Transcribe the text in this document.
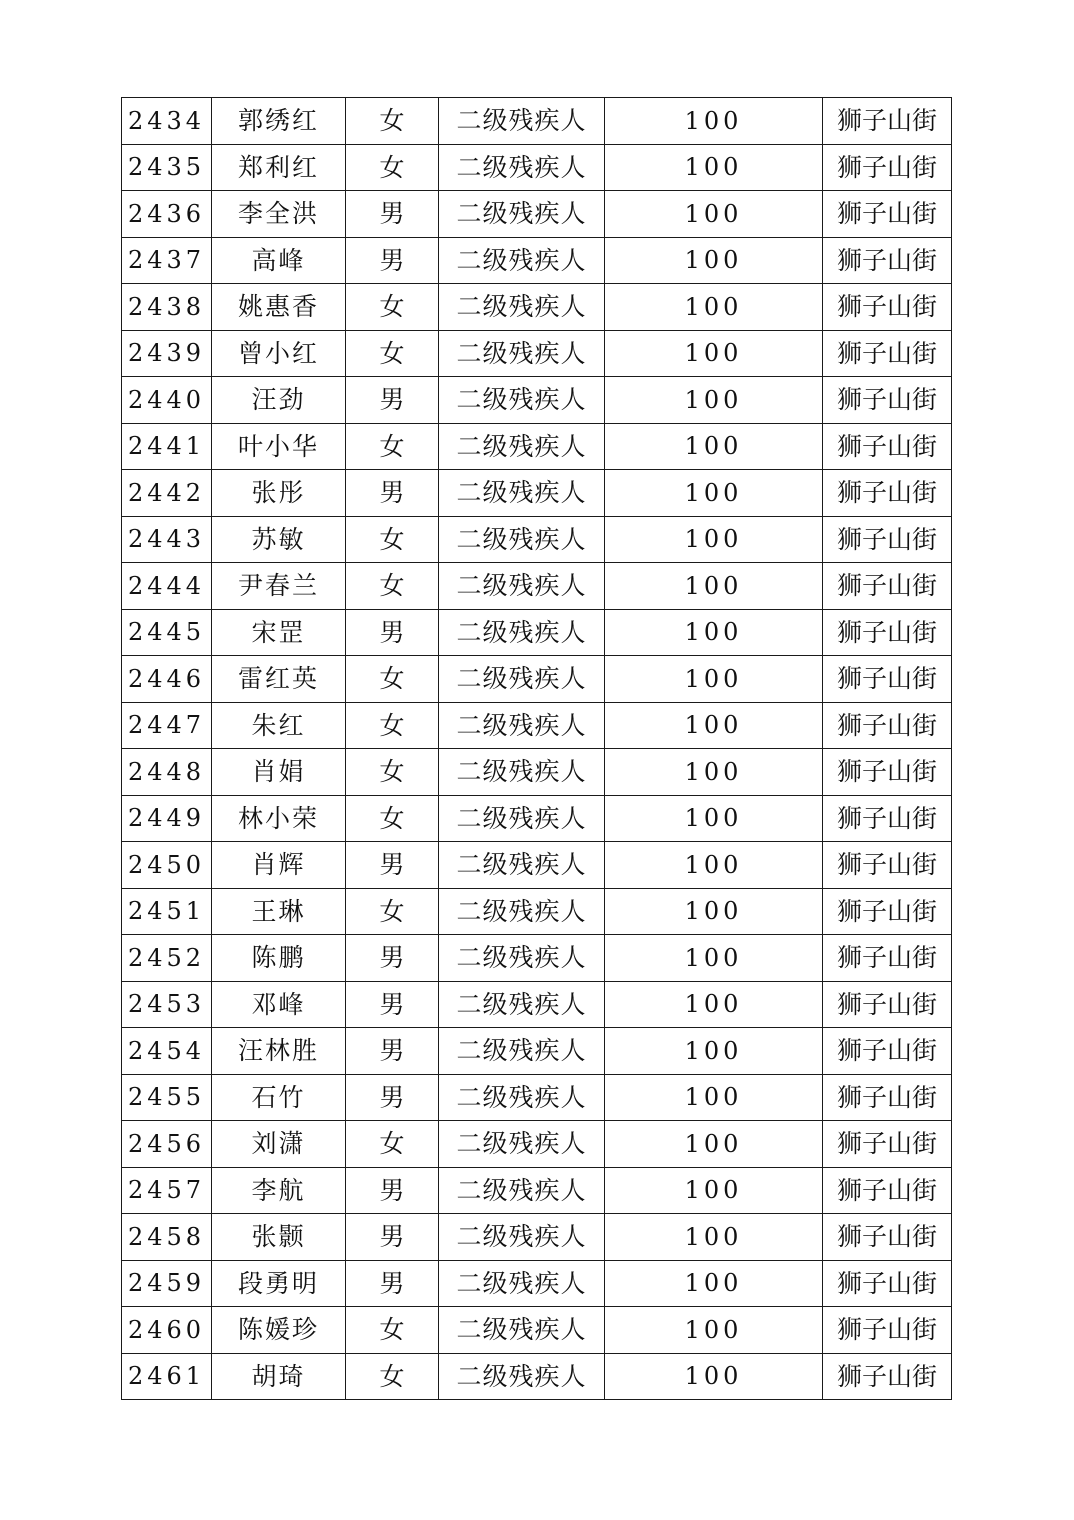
2434	郭绣红	女	二级残疾人	100	狮子山街
2435	郑利红	女	二级残疾人	100	狮子山街
2436	李全洪	男	二级残疾人	100	狮子山街
2437	高峰	男	二级残疾人	100	狮子山街
2438	姚惠香	女	二级残疾人	100	狮子山街
2439	曾小红	女	二级残疾人	100	狮子山街
2440	汪劲	男	二级残疾人	100	狮子山街
2441	叶小华	女	二级残疾人	100	狮子山街
2442	张彤	男	二级残疾人	100	狮子山街
2443	苏敏	女	二级残疾人	100	狮子山街
2444	尹春兰	女	二级残疾人	100	狮子山街
2445	宋罡	男	二级残疾人	100	狮子山街
2446	雷红英	女	二级残疾人	100	狮子山街
2447	朱红	女	二级残疾人	100	狮子山街
2448	肖娟	女	二级残疾人	100	狮子山街
2449	林小荣	女	二级残疾人	100	狮子山街
2450	肖辉	男	二级残疾人	100	狮子山街
2451	王琳	女	二级残疾人	100	狮子山街
2452	陈鹏	男	二级残疾人	100	狮子山街
2453	邓峰	男	二级残疾人	100	狮子山街
2454	汪林胜	男	二级残疾人	100	狮子山街
2455	石竹	男	二级残疾人	100	狮子山街
2456	刘潇	女	二级残疾人	100	狮子山街
2457	李航	男	二级残疾人	100	狮子山街
2458	张颢	男	二级残疾人	100	狮子山街
2459	段勇明	男	二级残疾人	100	狮子山街
2460	陈媛珍	女	二级残疾人	100	狮子山街
2461	胡琦	女	二级残疾人	100	狮子山街
